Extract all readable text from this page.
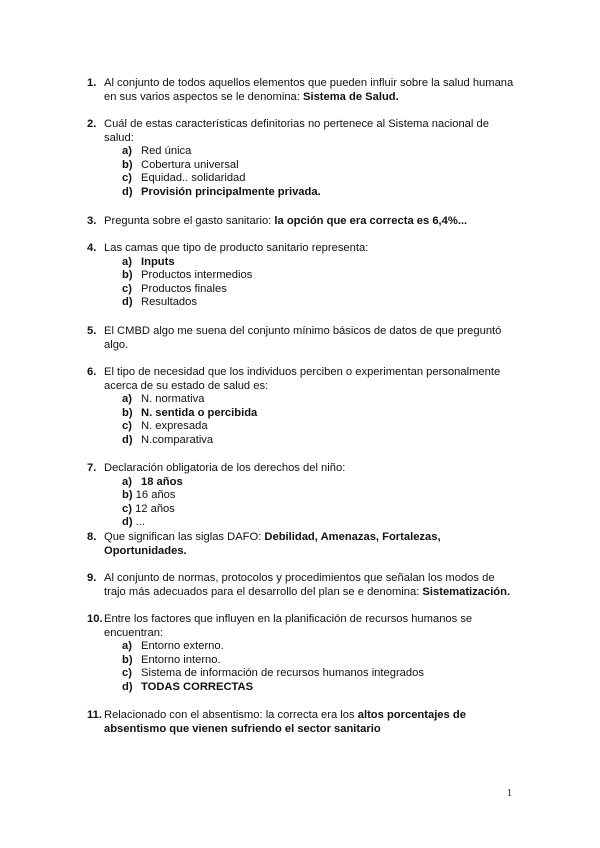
1. Al conjunto de todos aquellos elementos que pueden influir sobre la salud humana en sus varios aspectos se le denomina: Sistema de Salud.
2. Cuál de estas características definitorias no pertenece al Sistema nacional de salud:
a) Red única
b) Cobertura universal
c) Equidad.. solidaridad
d) Provisión principalmente privada.
3. Pregunta sobre el gasto sanitario: la opción que era correcta es 6,4%...
4. Las camas que tipo de producto sanitario representa:
a) Inputs
b) Productos intermedios
c) Productos finales
d) Resultados
5. El CMBD algo me suena del conjunto mínimo básicos de datos de que preguntó algo.
6. El tipo de necesidad que los individuos perciben o experimentan personalmente acerca de su estado de salud es:
a) N. normativa
b) N. sentida o percibida
c) N. expresada
d) N.comparativa
7. Declaración obligatoria de los derechos del niño:
a) 18 años
b) 16 años
c) 12 años
d) ...
8. Que significan las siglas DAFO: Debilidad, Amenazas, Fortalezas, Oportunidades.
9. Al conjunto de normas, protocolos y procedimientos que señalan los modos de trajo más adecuados para el desarrollo del plan se e denomina: Sistematización.
10. Entre los factores que influyen en la planificación de recursos humanos se encuentran:
a) Entorno externo.
b) Entorno interno.
c) Sistema de información de recursos humanos integrados
d) TODAS CORRECTAS
11. Relacionado con el absentismo: la correcta era los altos porcentajes de absentismo que vienen sufriendo el sector sanitario
1
